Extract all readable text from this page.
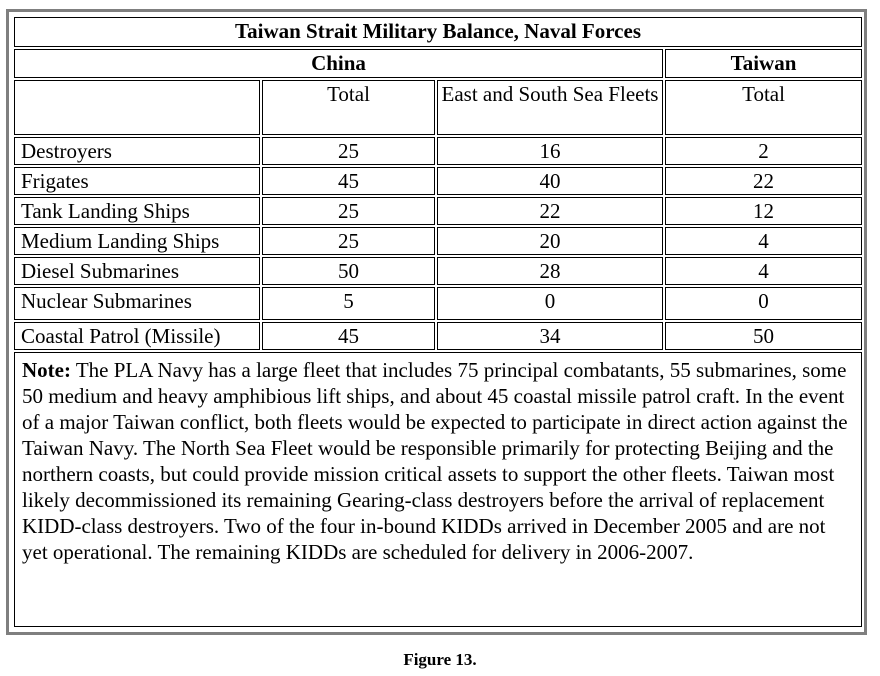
Taiwan Strait Military Balance, Naval Forces			
China			Taiwan
	Total	East and South Sea Fleets	Total
Destroyers	25	16	2
Frigates	45	40	22
Tank Landing Ships	25	22	12
Medium Landing Ships	25	20	4
Diesel Submarines	50	28	4
Nuclear Submarines	5	0	0
Coastal Patrol (Missile)	45	34	50
Note: The PLA Navy has a large fleet that includes 75 principal combatants, 55 submarines, some 50 medium and heavy amphibious lift ships, and about 45 coastal missile patrol craft. In the event of a major Taiwan conflict, both fleets would be expected to participate in direct action against the Taiwan Navy. The North Sea Fleet would be responsible primarily for protecting Beijing and the northern coasts, but could provide mission critical assets to support the other fleets. Taiwan most likely decommissioned its remaining Gearing-class destroyers before the arrival of replacement KIDD-class destroyers. Two of the four in-bound KIDDs arrived in December 2005 and are not yet operational. The remaining KIDDs are scheduled for delivery in 2006-2007.			
Figure 13.
